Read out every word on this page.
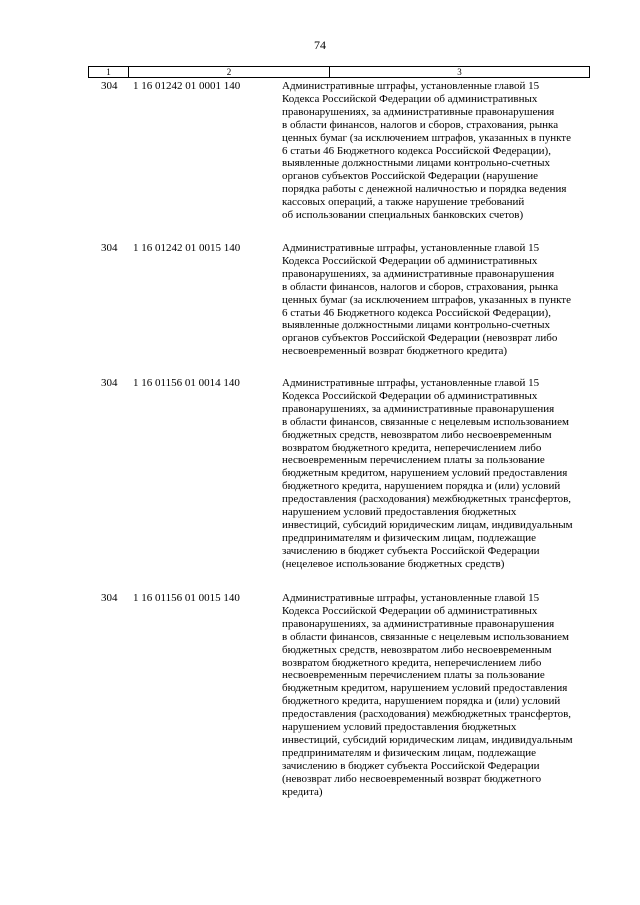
74
1	2	3
304 1 16 01242 01 0001 140	Административные штрафы, установленные главой 15
Кодекса Российской Федерации об административных
правонарушениях, за административные правонарушения
в области финансов, налогов и сборов, страхования, рынка
ценных бумаг (за исключением штрафов, указанных в пункте
6 статьи 46 Бюджетного кодекса Российской Федерации),
выявленные должностными лицами контрольно-счетных
органов субъектов Российской Федерации (нарушение
порядка работы с денежной наличностью и порядка ведения
кассовых операций, а также нарушение требований
об использовании специальных банковских счетов)
304 1 16 01242 01 0015 140	Административные штрафы, установленные главой 15
Кодекса Российской Федерации об административных
правонарушениях, за административные правонарушения
в области финансов, налогов и сборов, страхования, рынка
ценных бумаг (за исключением штрафов, указанных в пункте
6 статьи 46 Бюджетного кодекса Российской Федерации),
выявленные должностными лицами контрольно-счетных
органов субъектов Российской Федерации (невозврат либо
несвоевременный возврат бюджетного кредита)
304 1 16 01156 01 0014 140	Административные штрафы, установленные главой 15
Кодекса Российской Федерации об административных
правонарушениях, за административные правонарушения
в области финансов, связанные с нецелевым использованием
бюджетных средств, невозвратом либо несвоевременным
возвратом бюджетного кредита, неперечислением либо
несвоевременным перечислением платы за пользование
бюджетным кредитом, нарушением условий предоставления
бюджетного кредита, нарушением порядка и (или) условий
предоставления (расходования) межбюджетных трансфертов,
нарушением условий предоставления бюджетных
инвестиций, субсидий юридическим лицам, индивидуальным
предпринимателям и физическим лицам, подлежащие
зачислению в бюджет субъекта Российской Федерации
(нецелевое использование бюджетных средств)
304 1 16 01156 01 0015 140	Административные штрафы, установленные главой 15
Кодекса Российской Федерации об административных
правонарушениях, за административные правонарушения
в области финансов, связанные с нецелевым использованием
бюджетных средств, невозвратом либо несвоевременным
возвратом бюджетного кредита, неперечислением либо
несвоевременным перечислением платы за пользование
бюджетным кредитом, нарушением условий предоставления
бюджетного кредита, нарушением порядка и (или) условий
предоставления (расходования) межбюджетных трансфертов,
нарушением условий предоставления бюджетных
инвестиций, субсидий юридическим лицам, индивидуальным
предпринимателям и физическим лицам, подлежащие
зачислению в бюджет субъекта Российской Федерации
(невозврат либо несвоевременный возврат бюджетного
кредита)
